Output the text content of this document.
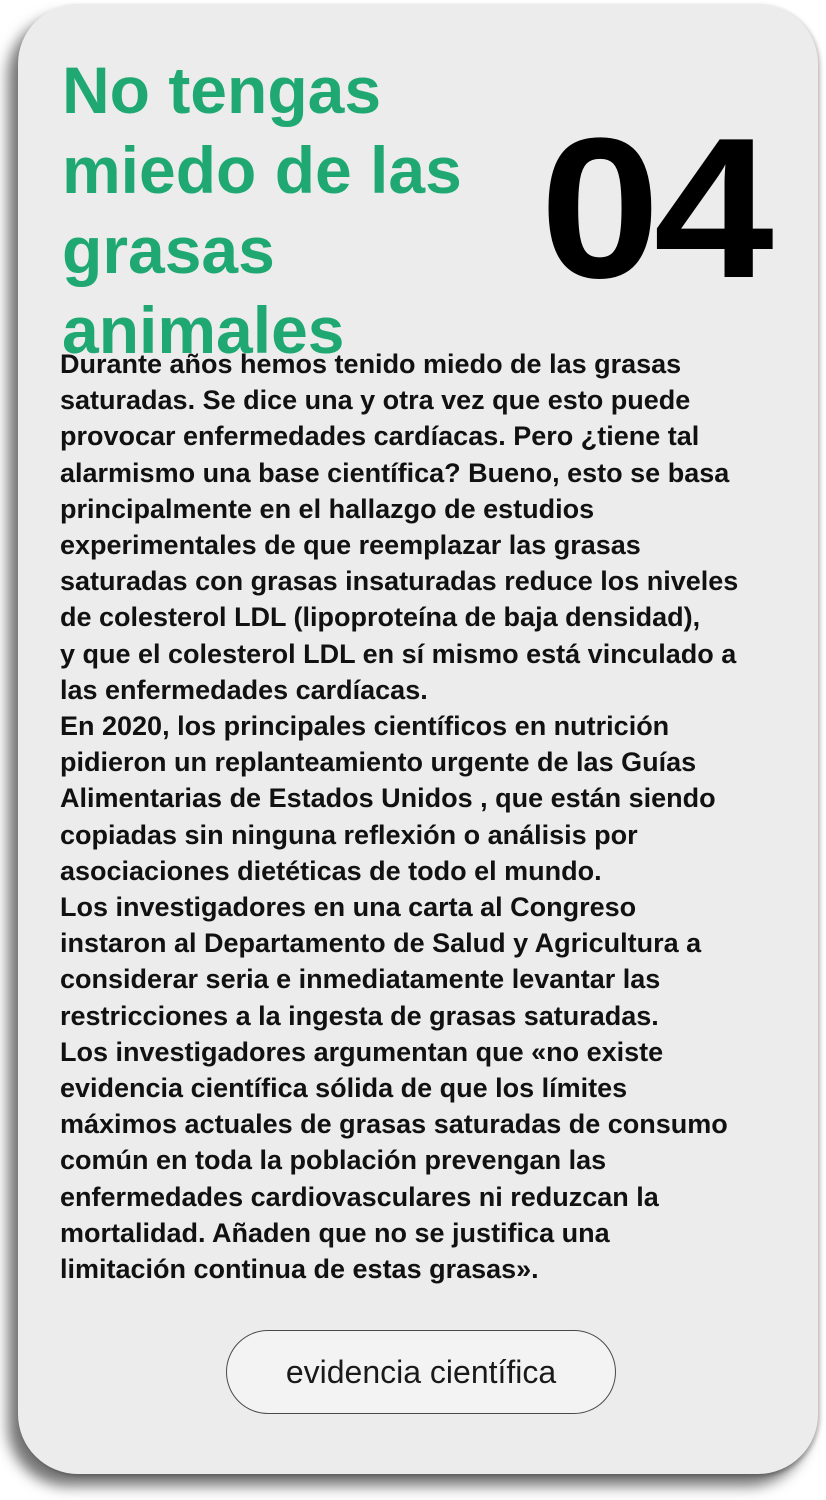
No tengas miedo de las grasas animales
04

Durante años hemos tenido miedo de las grasas
saturadas. Se dice una y otra vez que esto puede
provocar enfermedades cardíacas. Pero ¿tiene tal
alarmismo una base científica? Bueno, esto se basa
principalmente en el hallazgo de estudios
experimentales de que reemplazar las grasas
saturadas con grasas insaturadas reduce los niveles
de colesterol LDL (lipoproteína de baja densidad),
y que el colesterol LDL en sí mismo está vinculado a
las enfermedades cardíacas.

En 2020, los principales científicos en nutrición
pidieron un replanteamiento urgente de las Guías
Alimentarias de Estados Unidos , que están siendo
copiadas sin ninguna reflexión o análisis por
asociaciones dietéticas de todo el mundo.

Los investigadores en una carta al Congreso
instaron al Departamento de Salud y Agricultura a
considerar seria e inmediatamente levantar las
restricciones a la ingesta de grasas saturadas.

Los investigadores argumentan que «no existe
evidencia científica sólida de que los límites
máximos actuales de grasas saturadas de consumo
común en toda la población prevengan las
enfermedades cardiovasculares ni reduzcan la
mortalidad. Añaden que no se justifica una
limitación continua de estas grasas».

evidencia científica
